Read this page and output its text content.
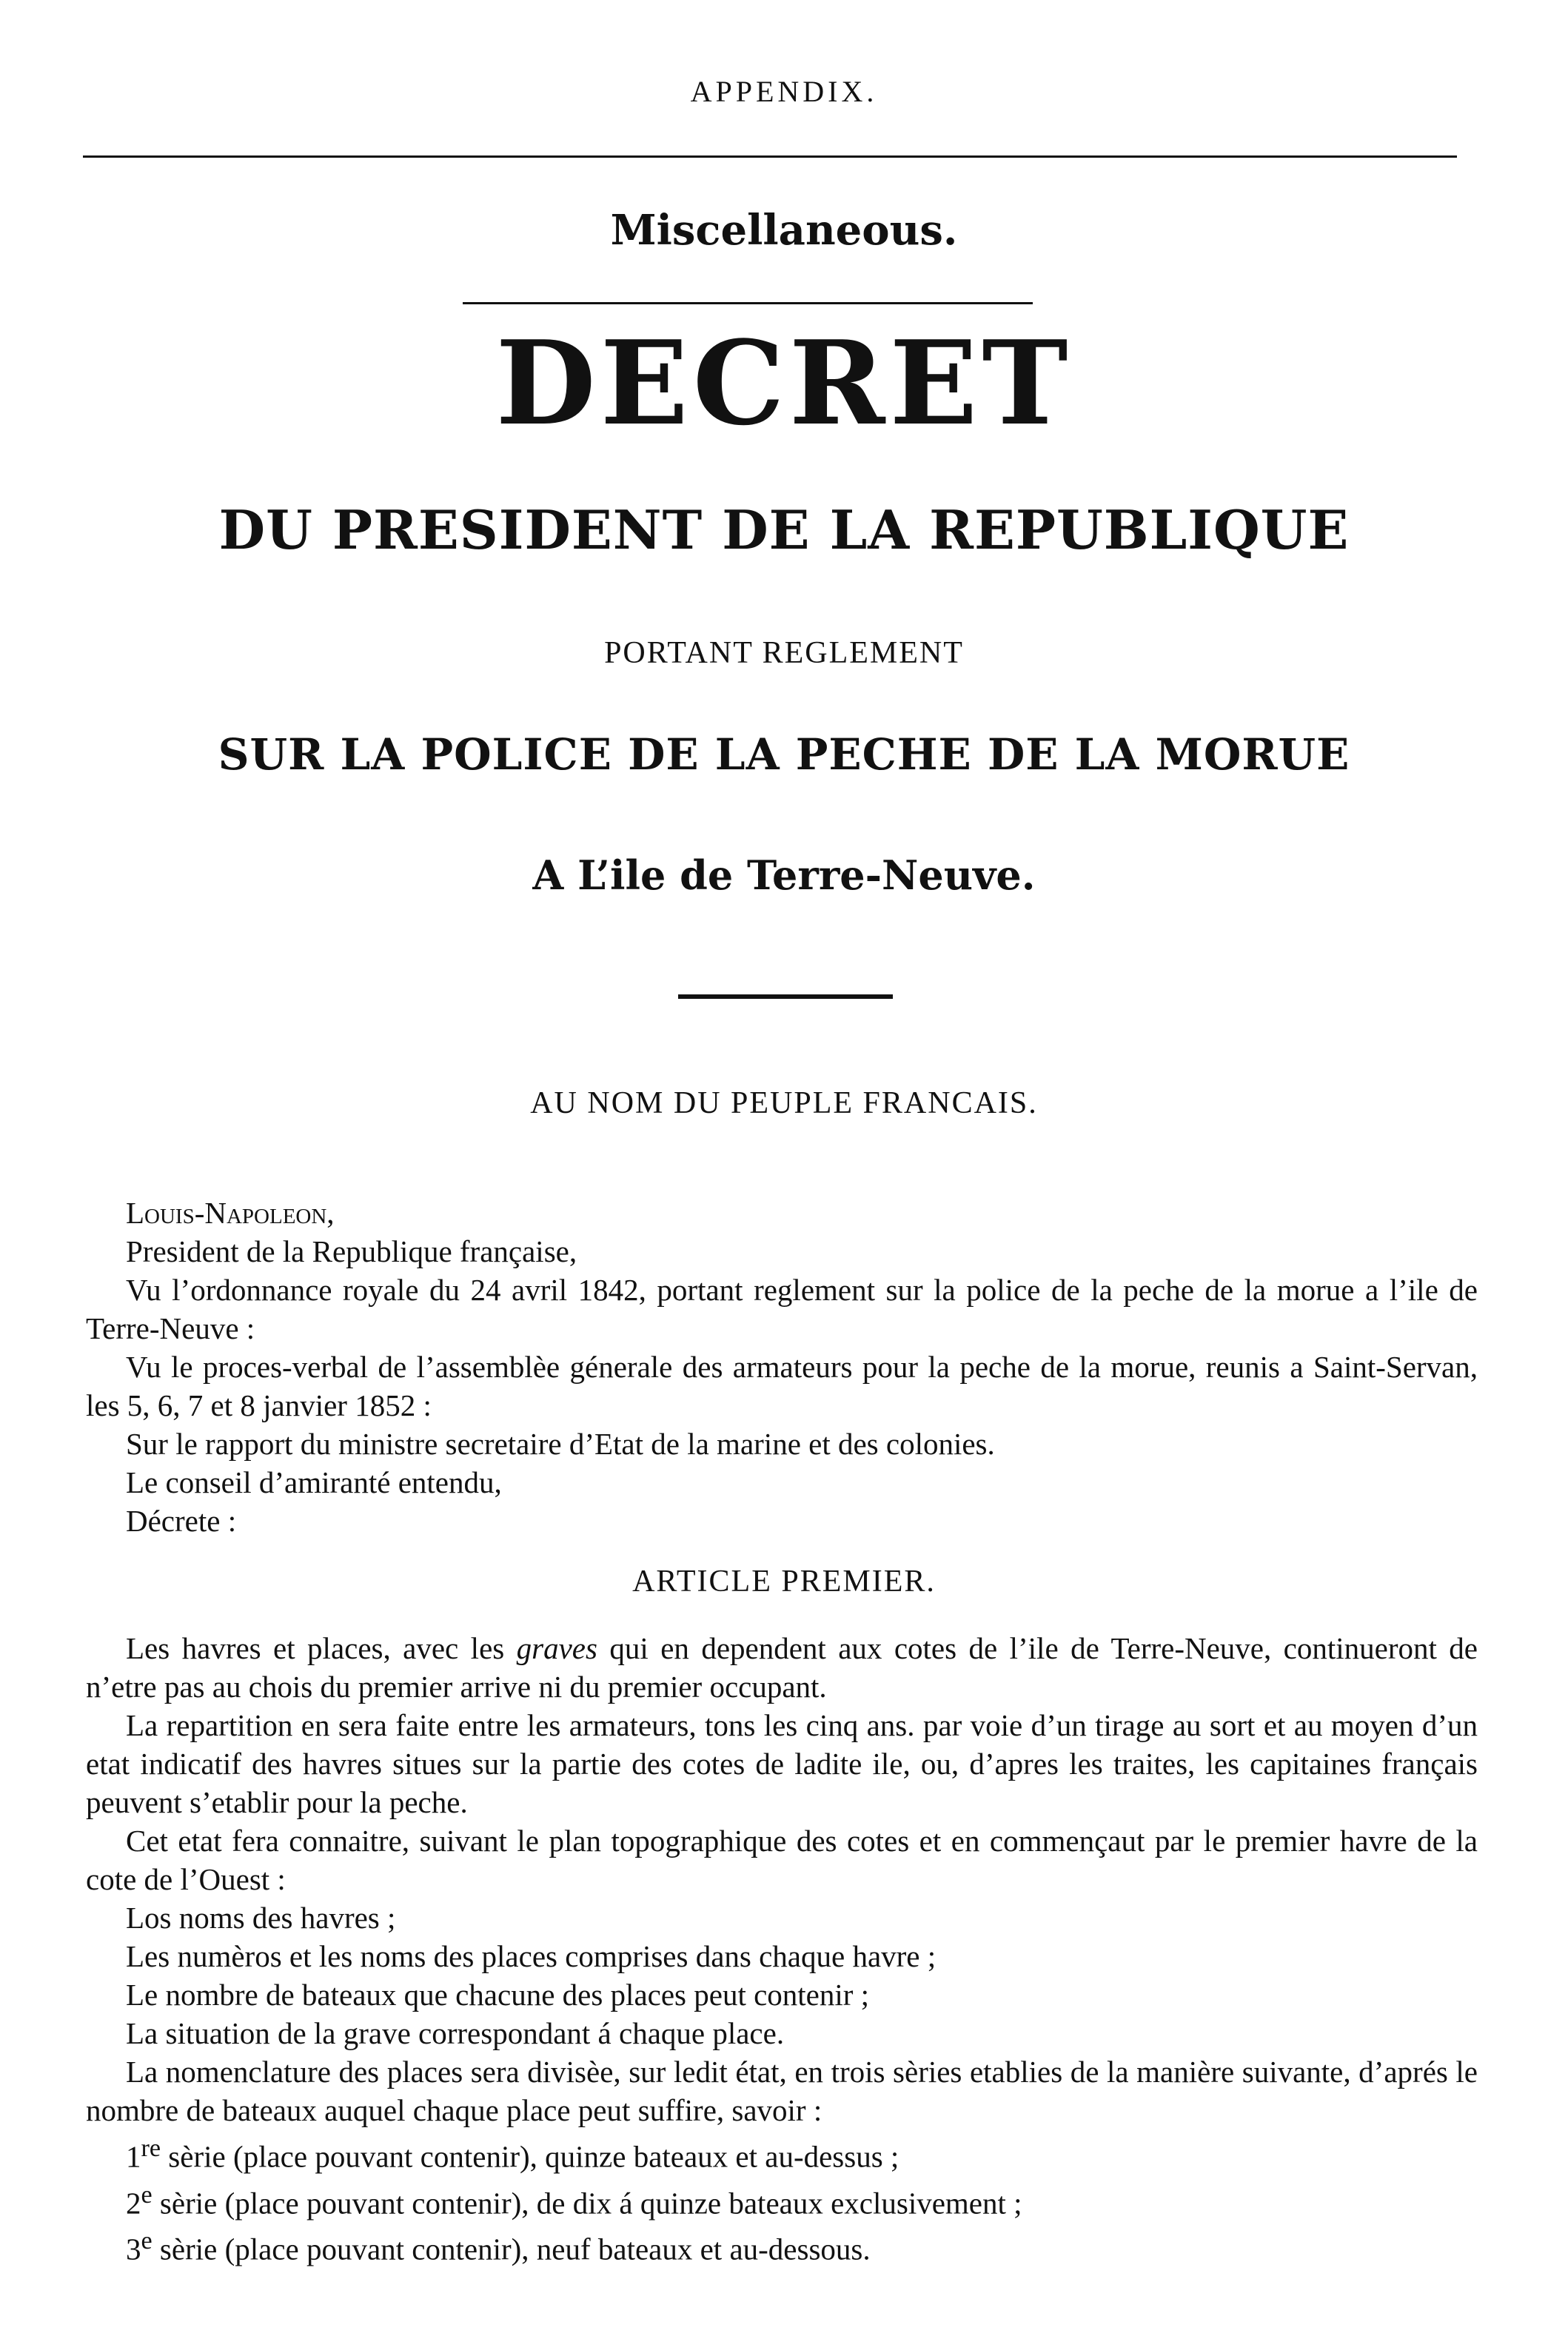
APPENDIX.
Miscellaneous.
DECRET
DU PRESIDENT DE LA REPUBLIQUE
PORTANT REGLEMENT
SUR LA POLICE DE LA PECHE DE LA MORUE
A L’ile de Terre-Neuve.
AU NOM DU PEUPLE FRANCAIS.

Louis-Napoleon,

President de la Republique française,

Vu l’ordonnance royale du 24 avril 1842, portant reglement sur la police de la peche de la morue a l’ile de Terre-Neuve :

Vu le proces-verbal de l’assemblèe génerale des armateurs pour la peche de la morue, reunis a Saint-Servan, les 5, 6, 7 et 8 janvier 1852 :

Sur le rapport du ministre secretaire d’Etat de la marine et des colonies.

Le conseil d’amiranté entendu,

Décrete :

ARTICLE PREMIER.

Les havres et places, avec les graves qui en dependent aux cotes de l’ile de Terre-Neuve, continueront de n’etre pas au chois du premier arrive ni du premier occupant.

La repartition en sera faite entre les armateurs, tons les cinq ans. par voie d’un tirage au sort et au moyen d’un etat indicatif des havres situes sur la partie des cotes de ladite ile, ou, d’apres les traites, les capitaines français peuvent s’etablir pour la peche.

Cet etat fera connaitre, suivant le plan topographique des cotes et en commençaut par le premier havre de la cote de l’Ouest :

Los noms des havres ;

Les numèros et les noms des places comprises dans chaque havre ;

Le nombre de bateaux que chacune des places peut contenir ;

La situation de la grave correspondant á chaque place.

La nomenclature des places sera divisèe, sur ledit état, en trois sèries etablies de la manière suivante, d’aprés le nombre de bateaux auquel chaque place peut suffire, savoir :

1re sèrie (place pouvant contenir), quinze bateaux et au-dessus ;

2e sèrie (place pouvant contenir), de dix á quinze bateaux exclusivement ;

3e sèrie (place pouvant contenir), neuf bateaux et au-dessous.
